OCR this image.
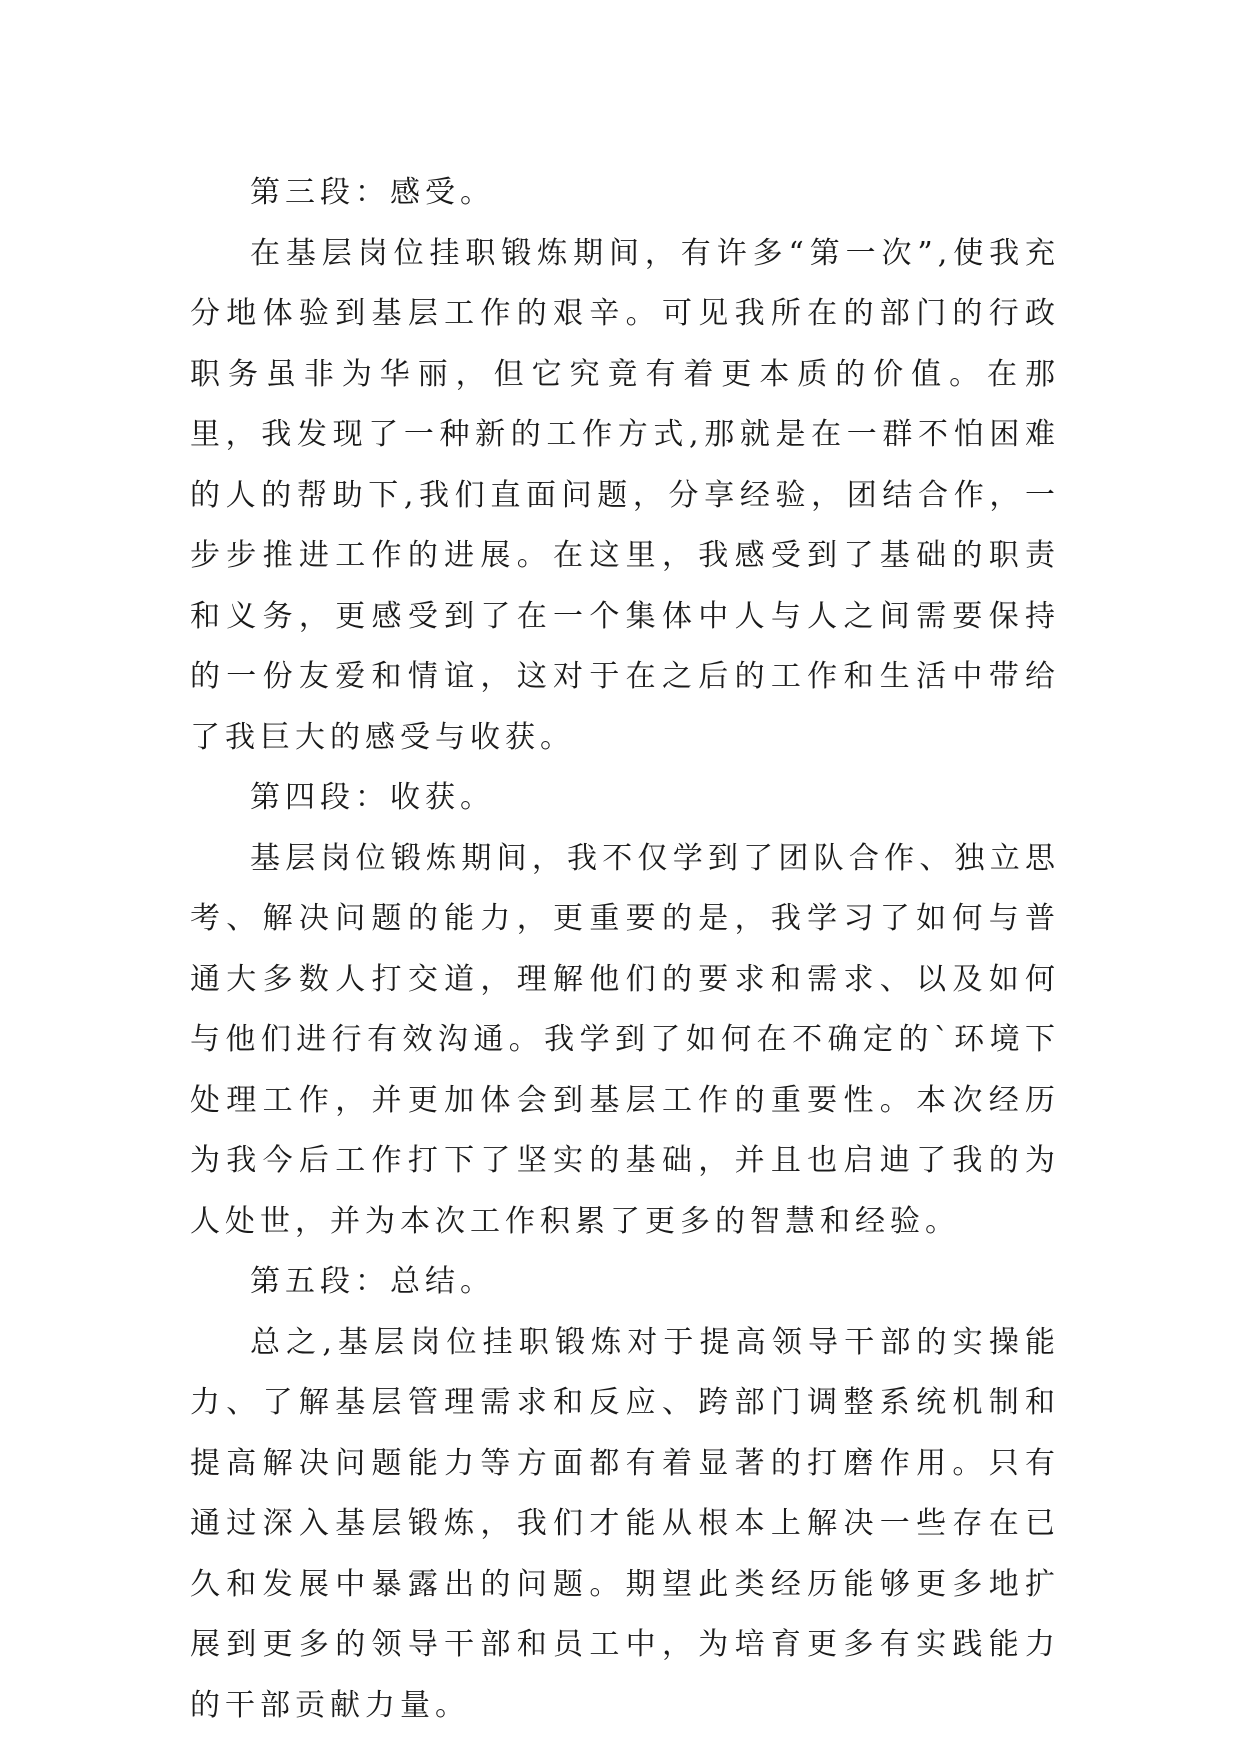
第三段：感受。

在基层岗位挂职锻炼期间，有许多“第一次”,使我充分地体验到基层工作的艰辛。可见我所在的部门的行政职务虽非为华丽，但它究竟有着更本质的价值。在那里，我发现了一种新的工作方式,那就是在一群不怕困难的人的帮助下,我们直面问题，分享经验，团结合作，一步步推进工作的进展。在这里，我感受到了基础的职责和义务，更感受到了在一个集体中人与人之间需要保持的一份友爱和情谊，这对于在之后的工作和生活中带给了我巨大的感受与收获。

第四段：收获。

基层岗位锻炼期间，我不仅学到了团队合作、独立思考、解决问题的能力，更重要的是，我学习了如何与普通大多数人打交道，理解他们的要求和需求、以及如何与他们进行有效沟通。我学到了如何在不确定的`环境下处理工作，并更加体会到基层工作的重要性。本次经历为我今后工作打下了坚实的基础，并且也启迪了我的为人处世，并为本次工作积累了更多的智慧和经验。

第五段：总结。

总之,基层岗位挂职锻炼对于提高领导干部的实操能力、了解基层管理需求和反应、跨部门调整系统机制和提高解决问题能力等方面都有着显著的打磨作用。只有通过深入基层锻炼，我们才能从根本上解决一些存在已久和发展中暴露出的问题。期望此类经历能够更多地扩展到更多的领导干部和员工中，为培育更多有实践能力的干部贡献力量。
